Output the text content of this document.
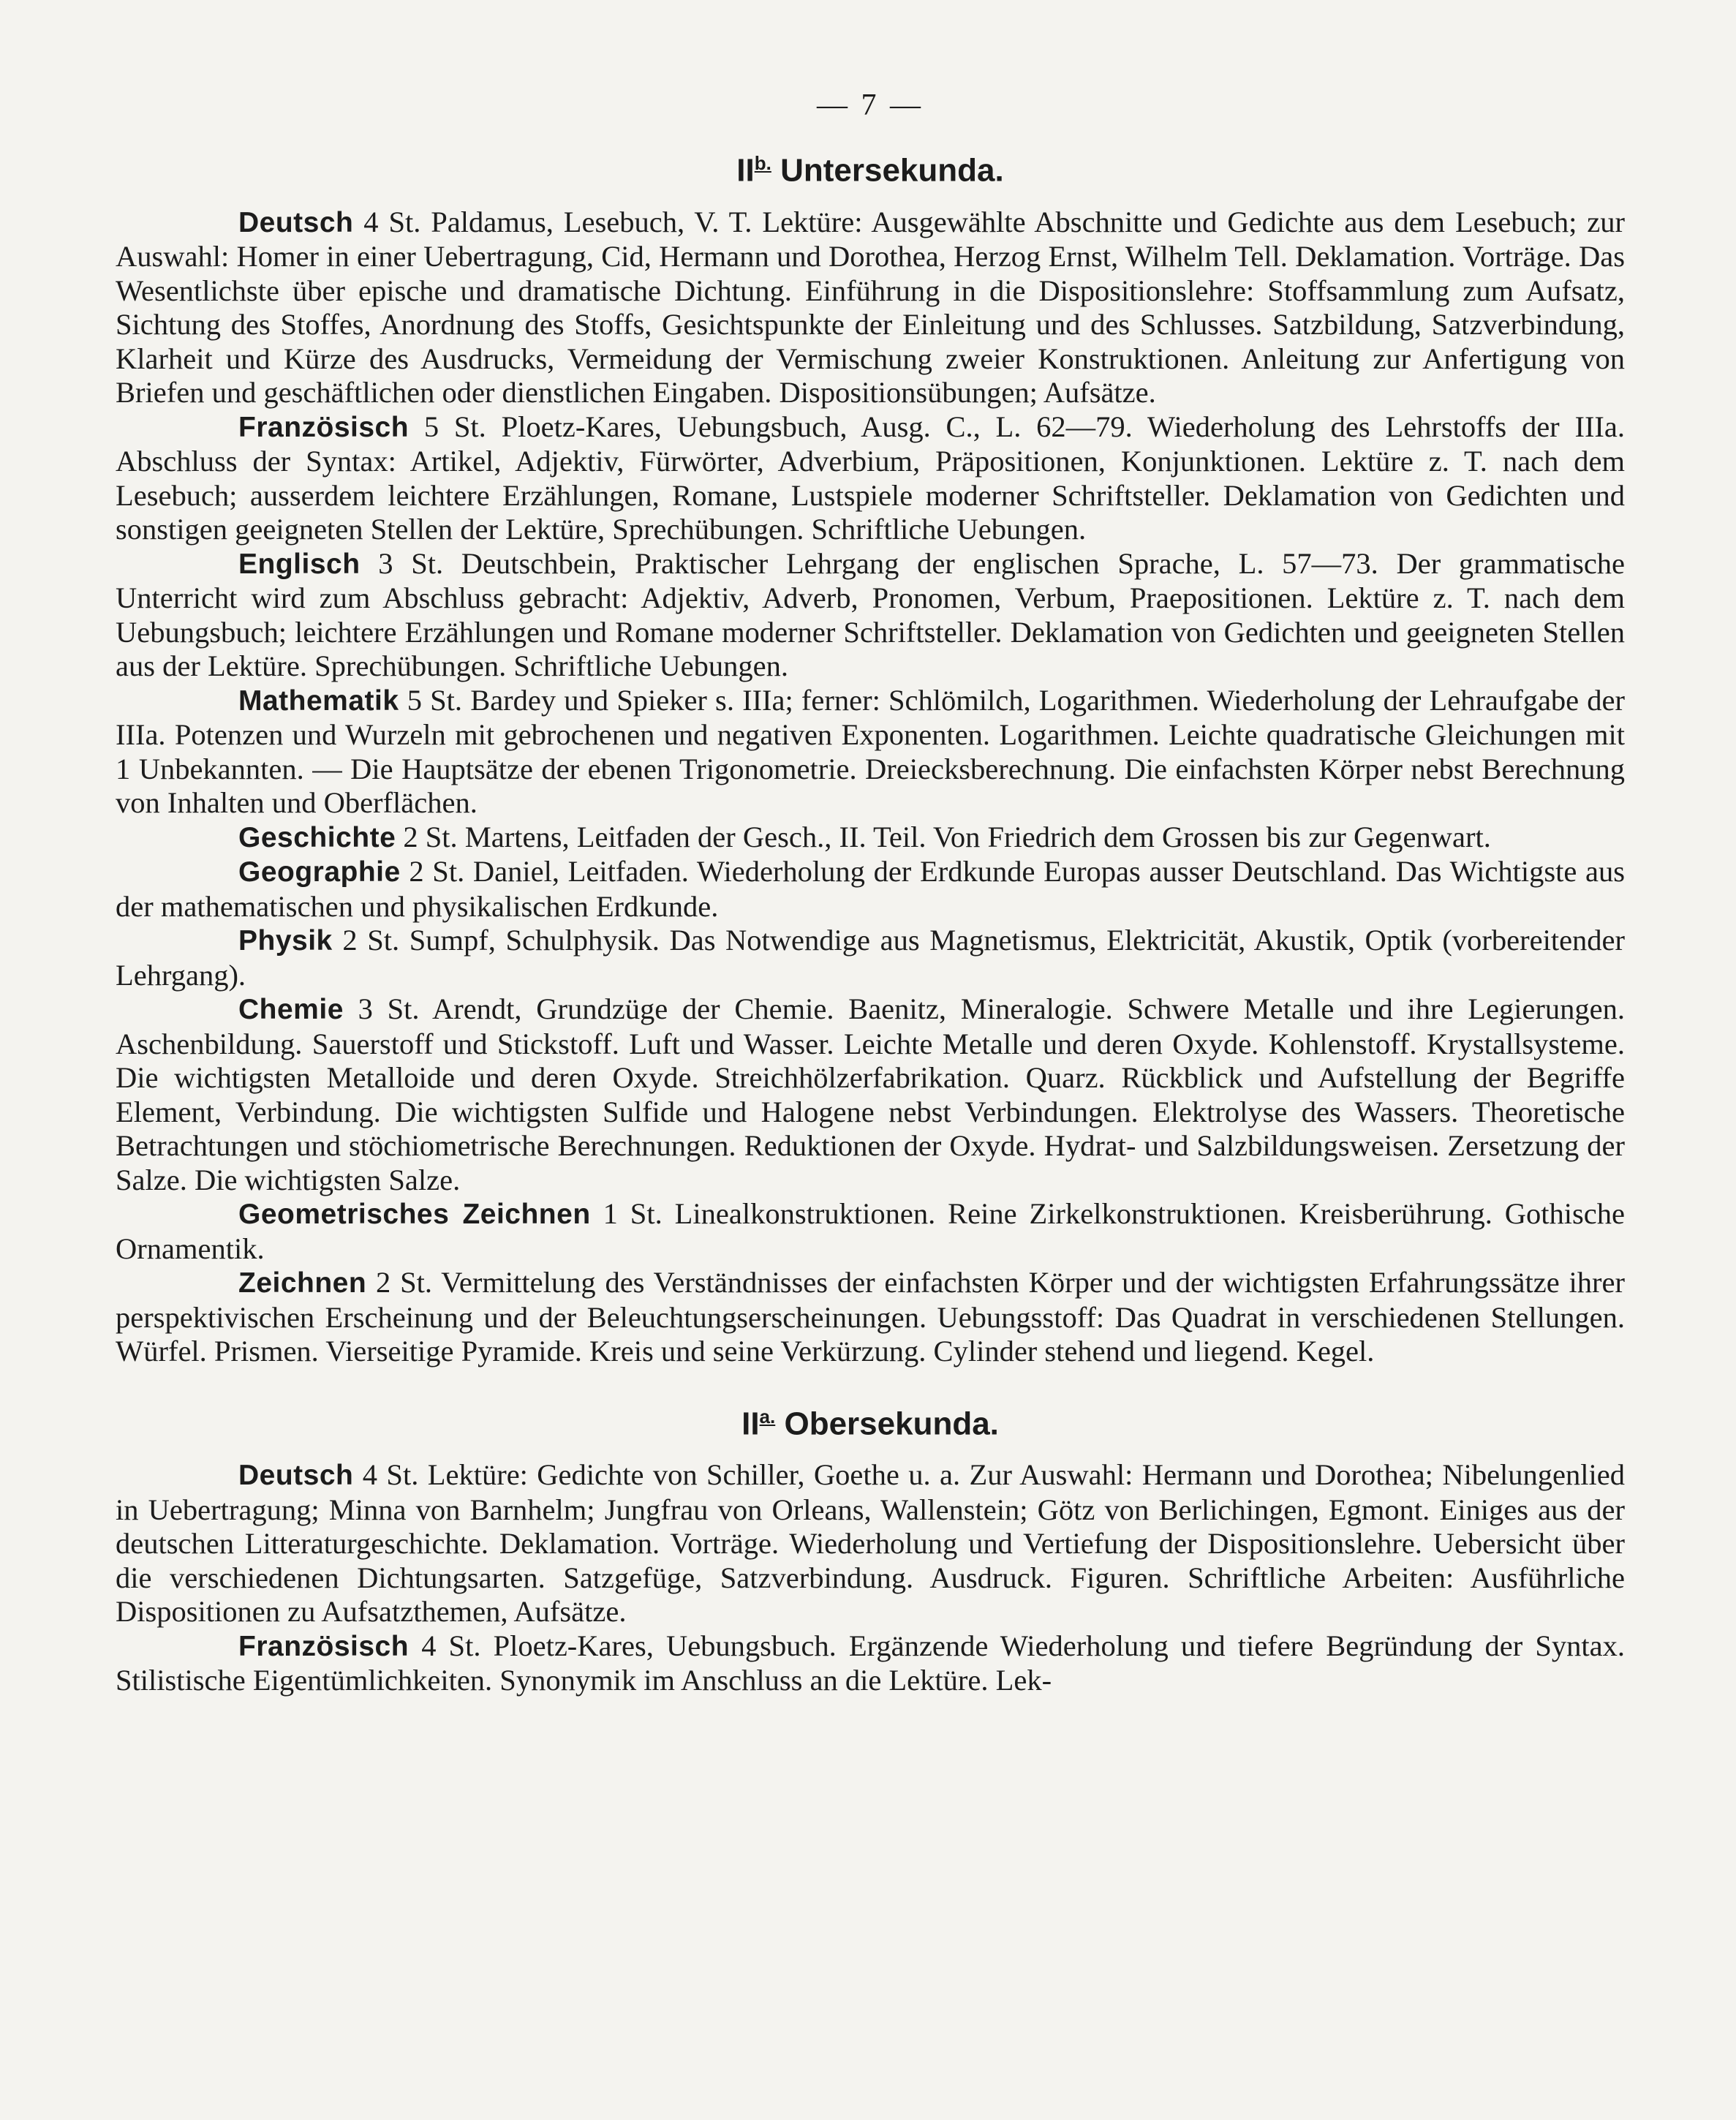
— 7 —
$II^{b.}$ Untersekunda.

Deutsch 4 St. Paldamus, Lesebuch, V. T. Lektüre: Ausgewählte Abschnitte und Gedichte aus dem Lesebuch; zur Auswahl: Homer in einer Uebertragung, Cid, Hermann und Dorothea, Herzog Ernst, Wilhelm Tell. Deklamation. Vorträge. Das Wesentlichste über epische und dramatische Dichtung. Einführung in die Dispositionslehre: Stoffsammlung zum Aufsatz, Sichtung des Stoffes, Anordnung des Stoffs, Gesichtspunkte der Einleitung und des Schlusses. Satzbildung, Satzverbindung, Klarheit und Kürze des Ausdrucks, Vermeidung der Vermischung zweier Konstruktionen. Anleitung zur Anfertigung von Briefen und geschäftlichen oder dienstlichen Eingaben. Dispositionsübungen; Aufsätze.

Französisch 5 St. Ploetz-Kares, Uebungsbuch, Ausg. C., L. 62—79. Wiederholung des Lehrstoffs der IIIa. Abschluss der Syntax: Artikel, Adjektiv, Fürwörter, Adverbium, Präpositionen, Konjunktionen. Lektüre z. T. nach dem Lesebuch; ausserdem leichtere Erzählungen, Romane, Lustspiele moderner Schriftsteller. Deklamation von Gedichten und sonstigen geeigneten Stellen der Lektüre, Sprechübungen. Schriftliche Uebungen.

Englisch 3 St. Deutschbein, Praktischer Lehrgang der englischen Sprache, L. 57—73. Der grammatische Unterricht wird zum Abschluss gebracht: Adjektiv, Adverb, Pronomen, Verbum, Praepositionen. Lektüre z. T. nach dem Uebungsbuch; leichtere Erzählungen und Romane moderner Schriftsteller. Deklamation von Gedichten und geeigneten Stellen aus der Lektüre. Sprechübungen. Schriftliche Uebungen.

Mathematik 5 St. Bardey und Spieker s. IIIa; ferner: Schlömilch, Logarithmen. Wiederholung der Lehraufgabe der IIIa. Potenzen und Wurzeln mit gebrochenen und negativen Exponenten. Logarithmen. Leichte quadratische Gleichungen mit 1 Unbekannten. — Die Hauptsätze der ebenen Trigonometrie. Dreiecksberechnung. Die einfachsten Körper nebst Berechnung von Inhalten und Oberflächen.

Geschichte 2 St. Martens, Leitfaden der Gesch., II. Teil. Von Friedrich dem Grossen bis zur Gegenwart.

Geographie 2 St. Daniel, Leitfaden. Wiederholung der Erdkunde Europas ausser Deutschland. Das Wichtigste aus der mathematischen und physikalischen Erdkunde.

Physik 2 St. Sumpf, Schulphysik. Das Notwendige aus Magnetismus, Elektricität, Akustik, Optik (vorbereitender Lehrgang).

Chemie 3 St. Arendt, Grundzüge der Chemie. Baenitz, Mineralogie. Schwere Metalle und ihre Legierungen. Aschenbildung. Sauerstoff und Stickstoff. Luft und Wasser. Leichte Metalle und deren Oxyde. Kohlenstoff. Krystallsysteme. Die wichtigsten Metalloide und deren Oxyde. Streichhölzerfabrikation. Quarz. Rückblick und Aufstellung der Begriffe Element, Verbindung. Die wichtigsten Sulfide und Halogene nebst Verbindungen. Elektrolyse des Wassers. Theoretische Betrachtungen und stöchiometrische Berechnungen. Reduktionen der Oxyde. Hydrat- und Salzbildungsweisen. Zersetzung der Salze. Die wichtigsten Salze.

Geometrisches Zeichnen 1 St. Linealkonstruktionen. Reine Zirkelkonstruktionen. Kreisberührung. Gothische Ornamentik.

Zeichnen 2 St. Vermittelung des Verständnisses der einfachsten Körper und der wichtigsten Erfahrungssätze ihrer perspektivischen Erscheinung und der Beleuchtungserscheinungen. Uebungsstoff: Das Quadrat in verschiedenen Stellungen. Würfel. Prismen. Vierseitige Pyramide. Kreis und seine Verkürzung. Cylinder stehend und liegend. Kegel.

$II^{a.}$ Obersekunda.

Deutsch 4 St. Lektüre: Gedichte von Schiller, Goethe u. a. Zur Auswahl: Hermann und Dorothea; Nibelungenlied in Uebertragung; Minna von Barnhelm; Jungfrau von Orleans, Wallenstein; Götz von Berlichingen, Egmont. Einiges aus der deutschen Litteraturgeschichte. Deklamation. Vorträge. Wiederholung und Vertiefung der Dispositionslehre. Uebersicht über die verschiedenen Dichtungsarten. Satzgefüge, Satzverbindung. Ausdruck. Figuren. Schriftliche Arbeiten: Ausführliche Dispositionen zu Aufsatzthemen, Aufsätze.

Französisch 4 St. Ploetz-Kares, Uebungsbuch. Ergänzende Wiederholung und tiefere Begründung der Syntax. Stilistische Eigentümlichkeiten. Synonymik im Anschluss an die Lektüre. Lek-
